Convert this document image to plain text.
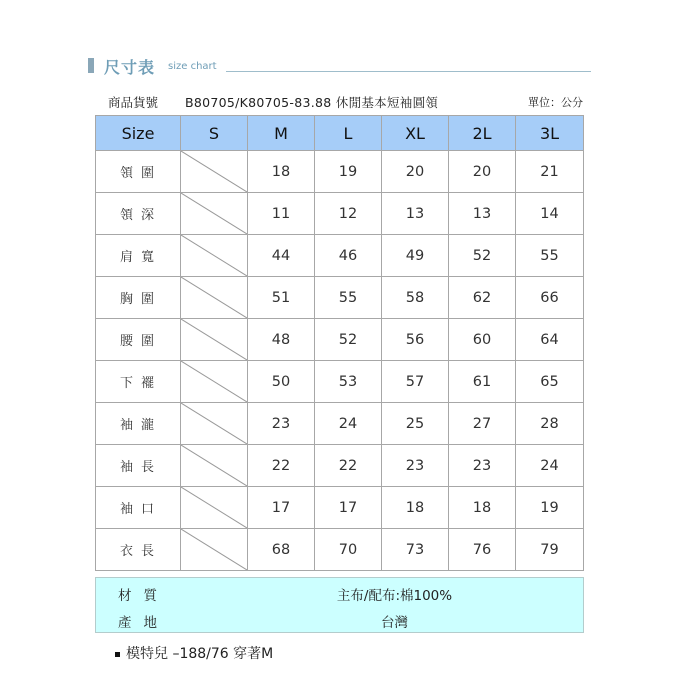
尺寸表 size chart
商品貨號 B80705/K80705-83.88 休閒基本短袖圓領	單位：公分
Size	S	M	L	XL	2L	3L
領圍		18	19	20	20	21
領深		11	12	13	13	14
肩寬		44	46	49	52	55
胸圍		51	55	58	62	66
腰圍		48	52	56	60	64
下襬		50	53	57	61	65
袖瀧		23	24	25	27	28
袖長		22	22	23	23	24
袖口		17	17	18	18	19
衣長		68	70	73	76	79
材質	主布/配布:棉100%
產地	台灣
模特兒 –188/76 穿著M
